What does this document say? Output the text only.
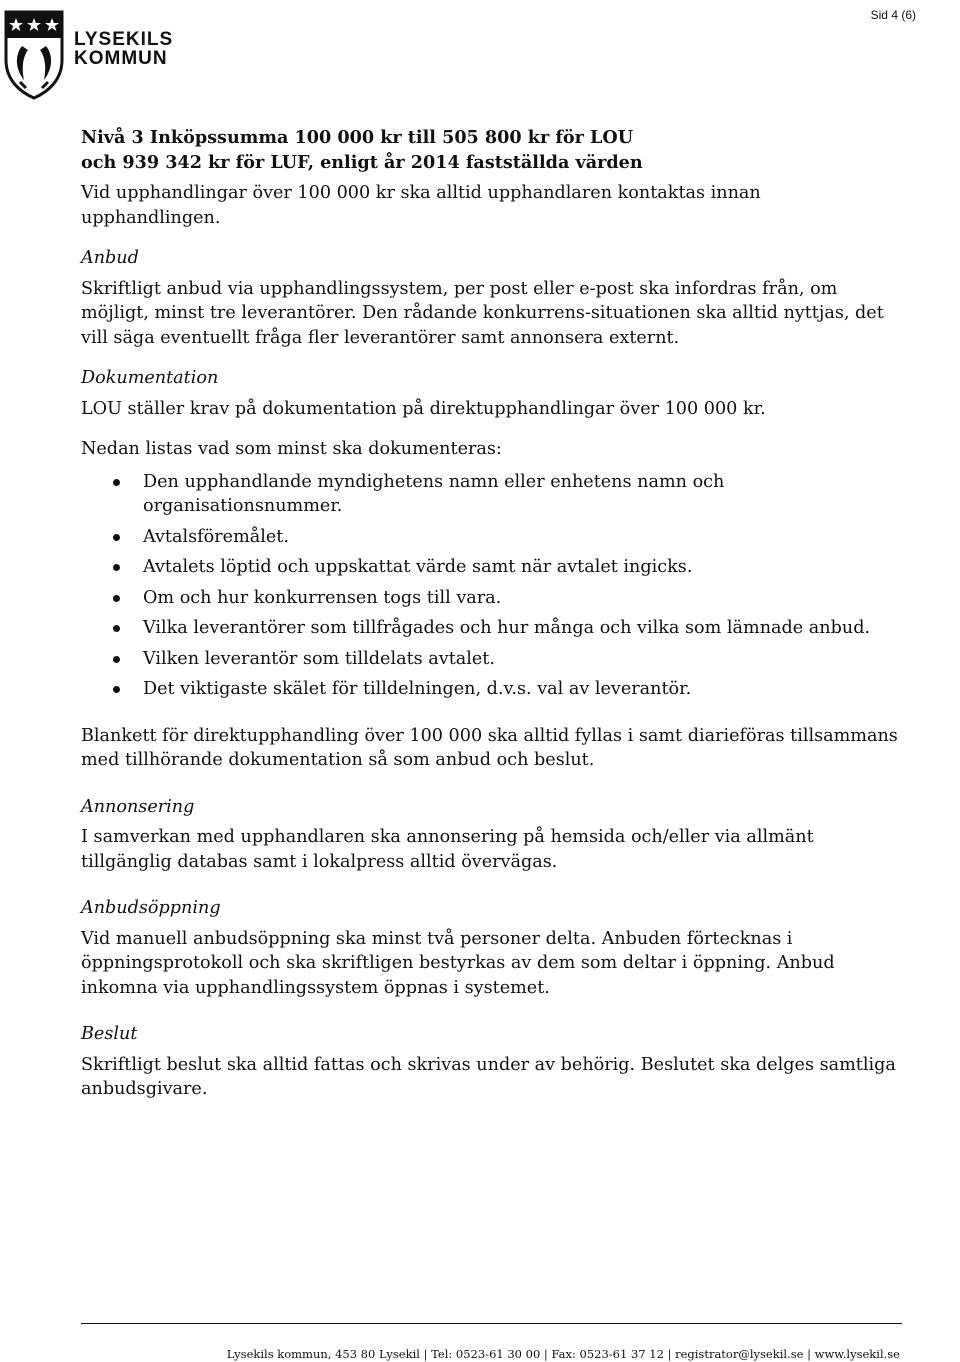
Sid 4 (6)
LYSEKILS
KOMMUN

Nivå 3 Inköpssumma 100 000 kr till 505 800 kr för LOU

och 939 342 kr för LUF, enligt år 2014 fastställda värden

Vid upphandlingar över 100 000 kr ska alltid upphandlaren kontaktas innan upphandlingen.

Anbud

Skriftligt anbud via upphandlingssystem, per post eller e-post ska infordras från, om möjligt, minst tre leverantörer. Den rådande konkurrens-situationen ska alltid nyttjas, det vill säga eventuellt fråga fler leverantörer samt annonsera externt.

Dokumentation

LOU ställer krav på dokumentation på direktupphandlingar över 100 000 kr.

Nedan listas vad som minst ska dokumenteras:

Den upphandlande myndighetens namn eller enhetens namn och organisationsnummer.
Avtalsföremålet.
Avtalets löptid och uppskattat värde samt när avtalet ingicks.
Om och hur konkurrensen togs till vara.
Vilka leverantörer som tillfrågades och hur många och vilka som lämnade anbud.
Vilken leverantör som tilldelats avtalet.
Det viktigaste skälet för tilldelningen, d.v.s. val av leverantör.

Blankett för direktupphandling över 100 000 ska alltid fyllas i samt diarieföras tillsammans med tillhörande dokumentation så som anbud och beslut.

Annonsering

I samverkan med upphandlaren ska annonsering på hemsida och/eller via allmänt tillgänglig databas samt i lokalpress alltid övervägas.

Anbudsöppning

Vid manuell anbudsöppning ska minst två personer delta. Anbuden förtecknas i öppningsprotokoll och ska skriftligen bestyrkas av dem som deltar i öppning. Anbud inkomna via upphandlingssystem öppnas i systemet.

Beslut

Skriftligt beslut ska alltid fattas och skrivas under av behörig. Beslutet ska delges samtliga anbudsgivare.

Lysekils kommun, 453 80 Lysekil | Tel: 0523-61 30 00 | Fax: 0523-61 37 12 | registrator@lysekil.se | www.lysekil.se
